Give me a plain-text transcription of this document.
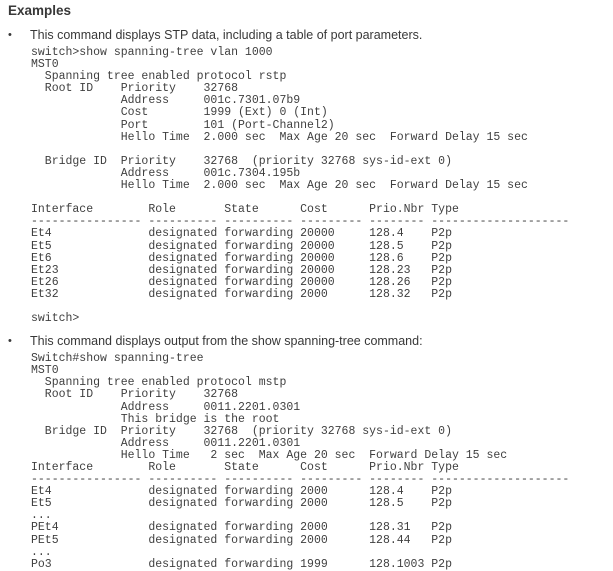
Examples
•	This command displays STP data, including a table of port parameters.
switch>show spanning-tree vlan 1000
MST0
Spanning tree enabled protocol rstp
Root ID    Priority    32768
Address     001c.7301.07b9
Cost        1999 (Ext) 0 (Int)
Port        101 (Port-Channel2)
Hello Time  2.000 sec  Max Age 20 sec  Forward Delay 15 sec

Bridge ID  Priority    32768  (priority 32768 sys-id-ext 0)
Address     001c.7304.195b
Hello Time  2.000 sec  Max Age 20 sec  Forward Delay 15 sec

Interface        Role       State      Cost      Prio.Nbr Type
---------------- ---------- ---------- --------- -------- --------------------
Et4              designated forwarding 20000     128.4    P2p
Et5              designated forwarding 20000     128.5    P2p
Et6              designated forwarding 20000     128.6    P2p
Et23             designated forwarding 20000     128.23   P2p
Et26             designated forwarding 20000     128.26   P2p
Et32             designated forwarding 2000      128.32   P2p

switch>
•	This command displays output from the show spanning-tree command:
Switch#show spanning-tree
MST0
Spanning tree enabled protocol mstp
Root ID    Priority    32768
Address     0011.2201.0301
This bridge is the root
Bridge ID  Priority    32768  (priority 32768 sys-id-ext 0)
Address     0011.2201.0301
Hello Time   2 sec  Max Age 20 sec  Forward Delay 15 sec
Interface        Role       State      Cost      Prio.Nbr Type
---------------- ---------- ---------- --------- -------- --------------------
Et4              designated forwarding 2000      128.4    P2p
Et5              designated forwarding 2000      128.5    P2p
...
PEt4             designated forwarding 2000      128.31   P2p
PEt5             designated forwarding 2000      128.44   P2p
...
Po3              designated forwarding 1999      128.1003 P2p
